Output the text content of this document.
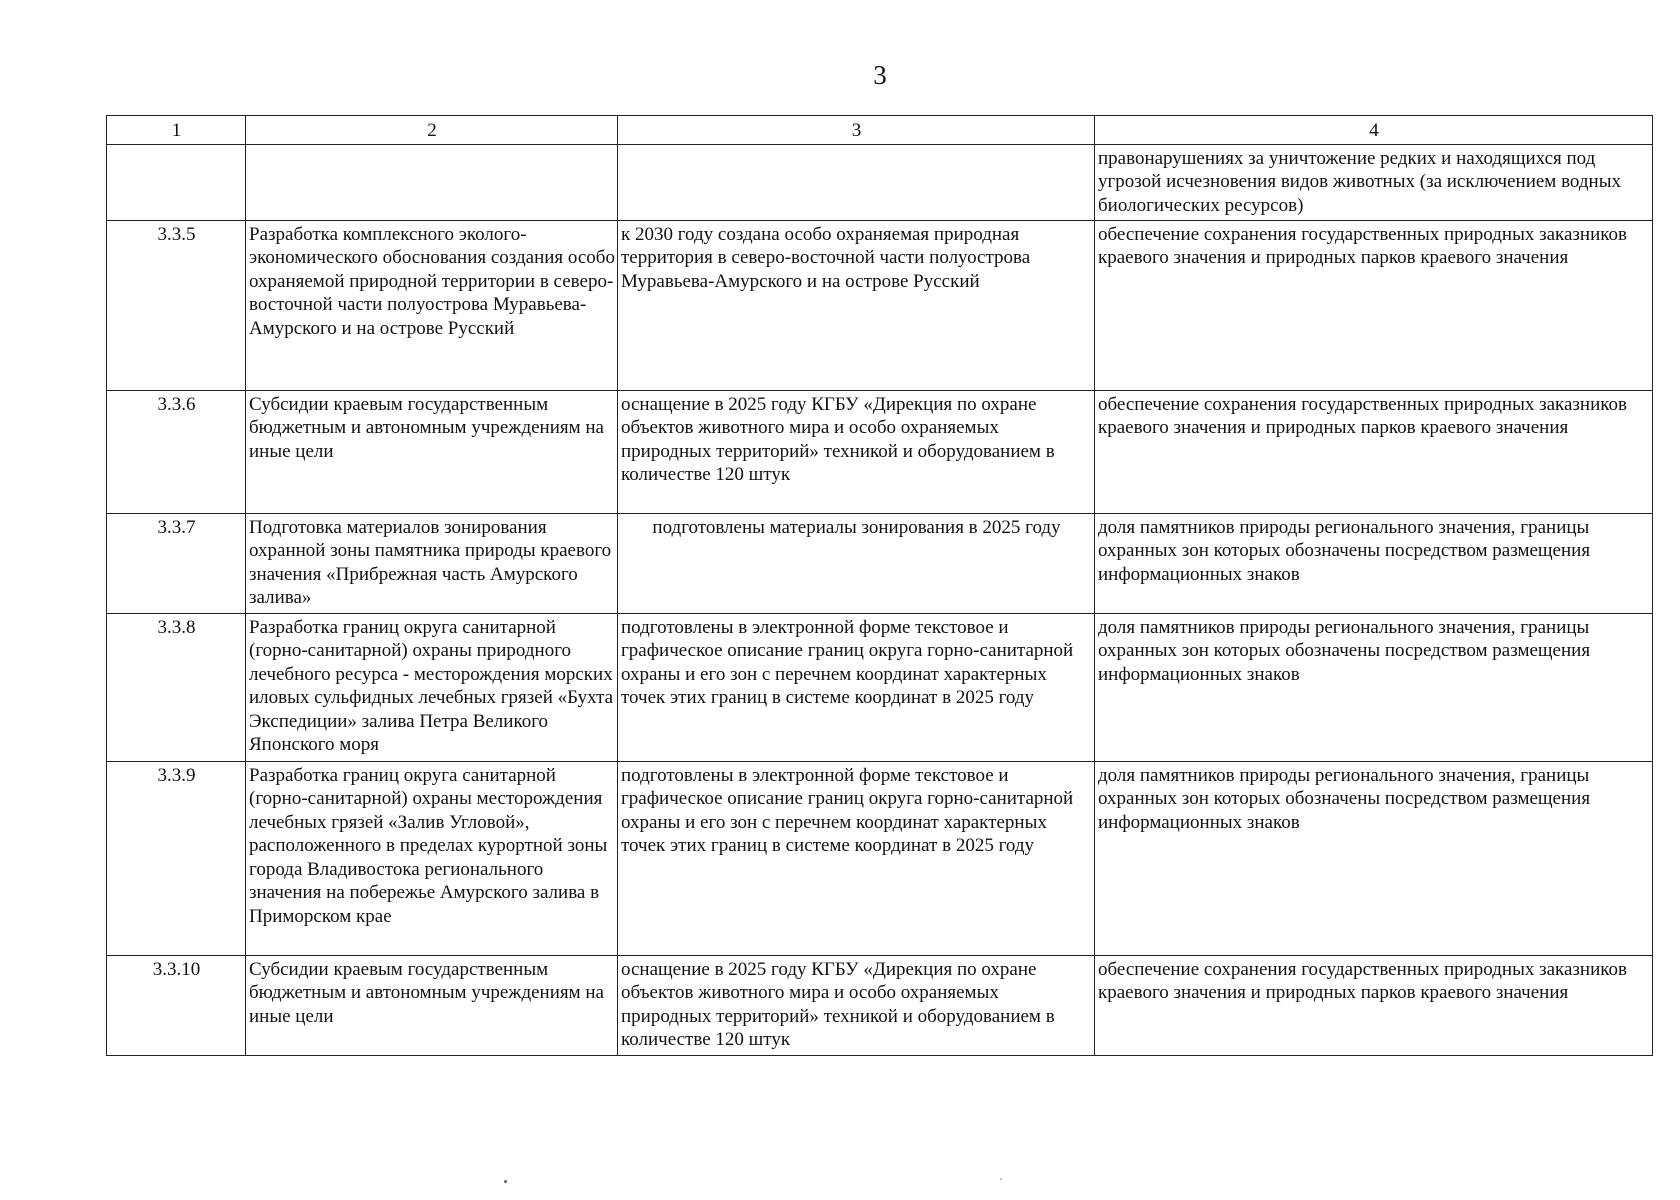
3
1	2	3	4
			правонарушениях за уничтожение редких и находящихся под угрозой исчезновения видов животных (за исключением водных биологических ресурсов)
3.3.5	Разработка комплексного эколого-экономического обоснования создания особо охраняемой природной территории в северо-восточной части полуострова Муравьева-Амурского и на острове Русский	к 2030 году создана особо охраняемая природная территория в северо-восточной части полуострова Муравьева-Амурского и на острове Русский	обеспечение сохранения государственных природных заказников краевого значения и природных парков краевого значения
3.3.6	Субсидии краевым государственным бюджетным и автономным учреждениям на иные цели	оснащение в 2025 году КГБУ «Дирекция по охране объектов животного мира и особо охраняемых природных территорий» техникой и оборудованием в количестве 120 штук	обеспечение сохранения государственных природных заказников краевого значения и природных парков краевого значения
3.3.7	Подготовка материалов зонирования охранной зоны памятника природы краевого значения «Прибрежная часть Амурского залива»	подготовлены материалы зонирования в 2025 году	доля памятников природы регионального значения, границы охранных зон которых обозначены посредством размещения информационных знаков
3.3.8	Разработка границ округа санитарной (горно-санитарной) охраны природного лечебного ресурса - месторождения морских иловых сульфидных лечебных грязей «Бухта Экспедиции» залива Петра Великого Японского моря	подготовлены в электронной форме текстовое и графическое описание границ округа горно-санитарной охраны и его зон с перечнем координат характерных точек этих границ в системе координат в 2025 году	доля памятников природы регионального значения, границы охранных зон которых обозначены посредством размещения информационных знаков
3.3.9	Разработка границ округа санитарной (горно-санитарной) охраны месторождения лечебных грязей «Залив Угловой», расположенного в пределах курортной зоны города Владивостока регионального значения на побережье Амурского залива в Приморском крае	подготовлены в электронной форме текстовое и графическое описание границ округа горно-санитарной охраны и его зон с перечнем координат характерных точек этих границ в системе координат в 2025 году	доля памятников природы регионального значения, границы охранных зон которых обозначены посредством размещения информационных знаков
3.3.10	Субсидии краевым государственным бюджетным и автономным учреждениям на иные цели	оснащение в 2025 году КГБУ «Дирекция по охране объектов животного мира и особо охраняемых природных территорий» техникой и оборудованием в количестве 120 штук	обеспечение сохранения государственных природных заказников краевого значения и природных парков краевого значения
